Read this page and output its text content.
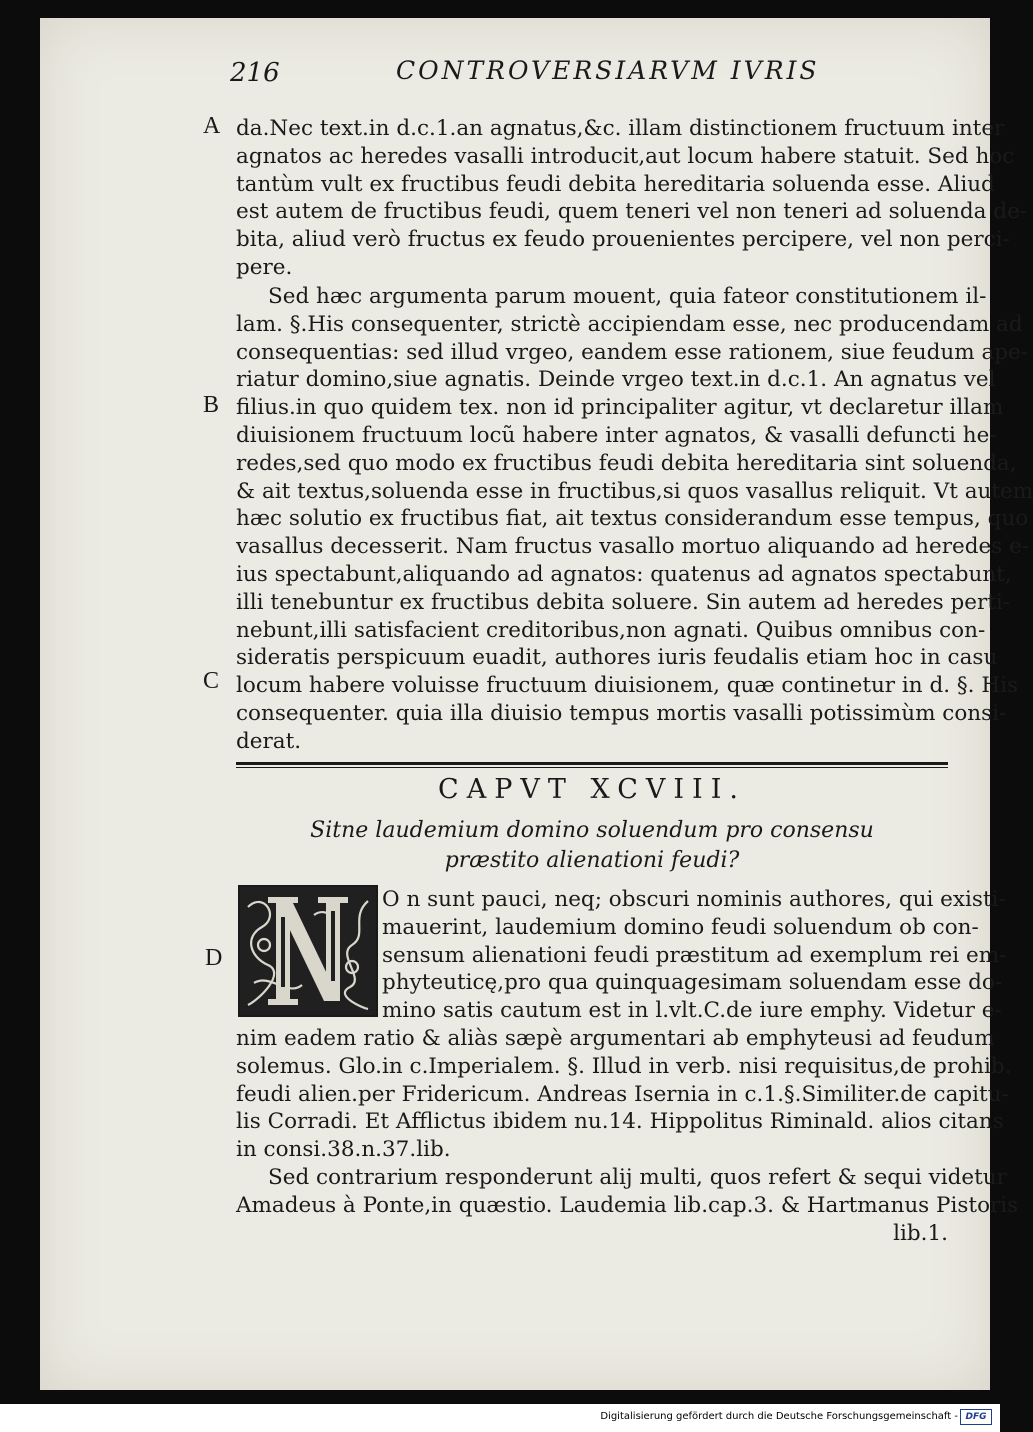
216	CONTROVERSIARVM IVRIS
A
B
C
D
da.Nec text.in d.c.1.an agnatus,&c. illam distinctionem fructuum inter
agnatos ac heredes vasalli introducit,aut locum habere statuit. Sed hoc
tantùm vult ex fructibus feudi debita hereditaria soluenda esse. Aliud
est autem de fructibus feudi, quem teneri vel non teneri ad soluenda de-
bita, aliud verò fructus ex feudo prouenientes percipere, vel non perci-
pere.
Sed hæc argumenta parum mouent, quia fateor constitutionem il-
lam. §.His consequenter, strictè accipiendam esse, nec producendam ad
consequentias: sed illud vrgeo, eandem esse rationem, siue feudum ape-
riatur domino,siue agnatis. Deinde vrgeo text.in d.c.1. An agnatus vel
filius.in quo quidem tex. non id principaliter agitur, vt declaretur illam
diuisionem fructuum locũ habere inter agnatos, & vasalli defuncti he-
redes,sed quo modo ex fructibus feudi debita hereditaria sint soluenda,
& ait textus,soluenda esse in fructibus,si quos vasallus reliquit. Vt autem
hæc solutio ex fructibus fiat, ait textus considerandum esse tempus, quo
vasallus decesserit. Nam fructus vasallo mortuo aliquando ad heredes e-
ius spectabunt,aliquando ad agnatos: quatenus ad agnatos spectabunt,
illi tenebuntur ex fructibus debita soluere. Sin autem ad heredes perti-
nebunt,illi satisfacient creditoribus,non agnati. Quibus omnibus con-
sideratis perspicuum euadit, authores iuris feudalis etiam hoc in casu
locum habere voluisse fructuum diuisionem, quæ continetur in d. §. His
consequenter. quia illa diuisio tempus mortis vasalli potissimùm consi-
derat.
CAPVT XCVIII.
Sitne laudemium domino soluendum pro consensu
præstito alienationi feudi?
O n sunt pauci, neq; obscuri nominis authores, qui existi-
mauerint, laudemium domino feudi soluendum ob con-
sensum alienationi feudi præstitum ad exemplum rei em-
phyteuticę,pro qua quinquagesimam soluendam esse do-
mino satis cautum est in l.vlt.C.de iure emphy. Videtur e-
nim eadem ratio & aliàs sæpè argumentari ab emphyteusi ad feudum
solemus. Glo.in c.Imperialem. §. Illud in verb. nisi requisitus,de prohib.
feudi alien.per Fridericum. Andreas Isernia in c.1.§.Similiter.de capitu-
lis Corradi. Et Afflictus ibidem nu.14. Hippolitus Riminald. alios citans
in consi.38.n.37.lib.
Sed contrarium responderunt alij multi, quos refert & sequi videtur
Amadeus à Ponte,in quæstio. Laudemia lib.cap.3. & Hartmanus Pistoris
lib.1.
Digitalisierung gefördert durch die Deutsche Forschungsgemeinschaft - DFG
